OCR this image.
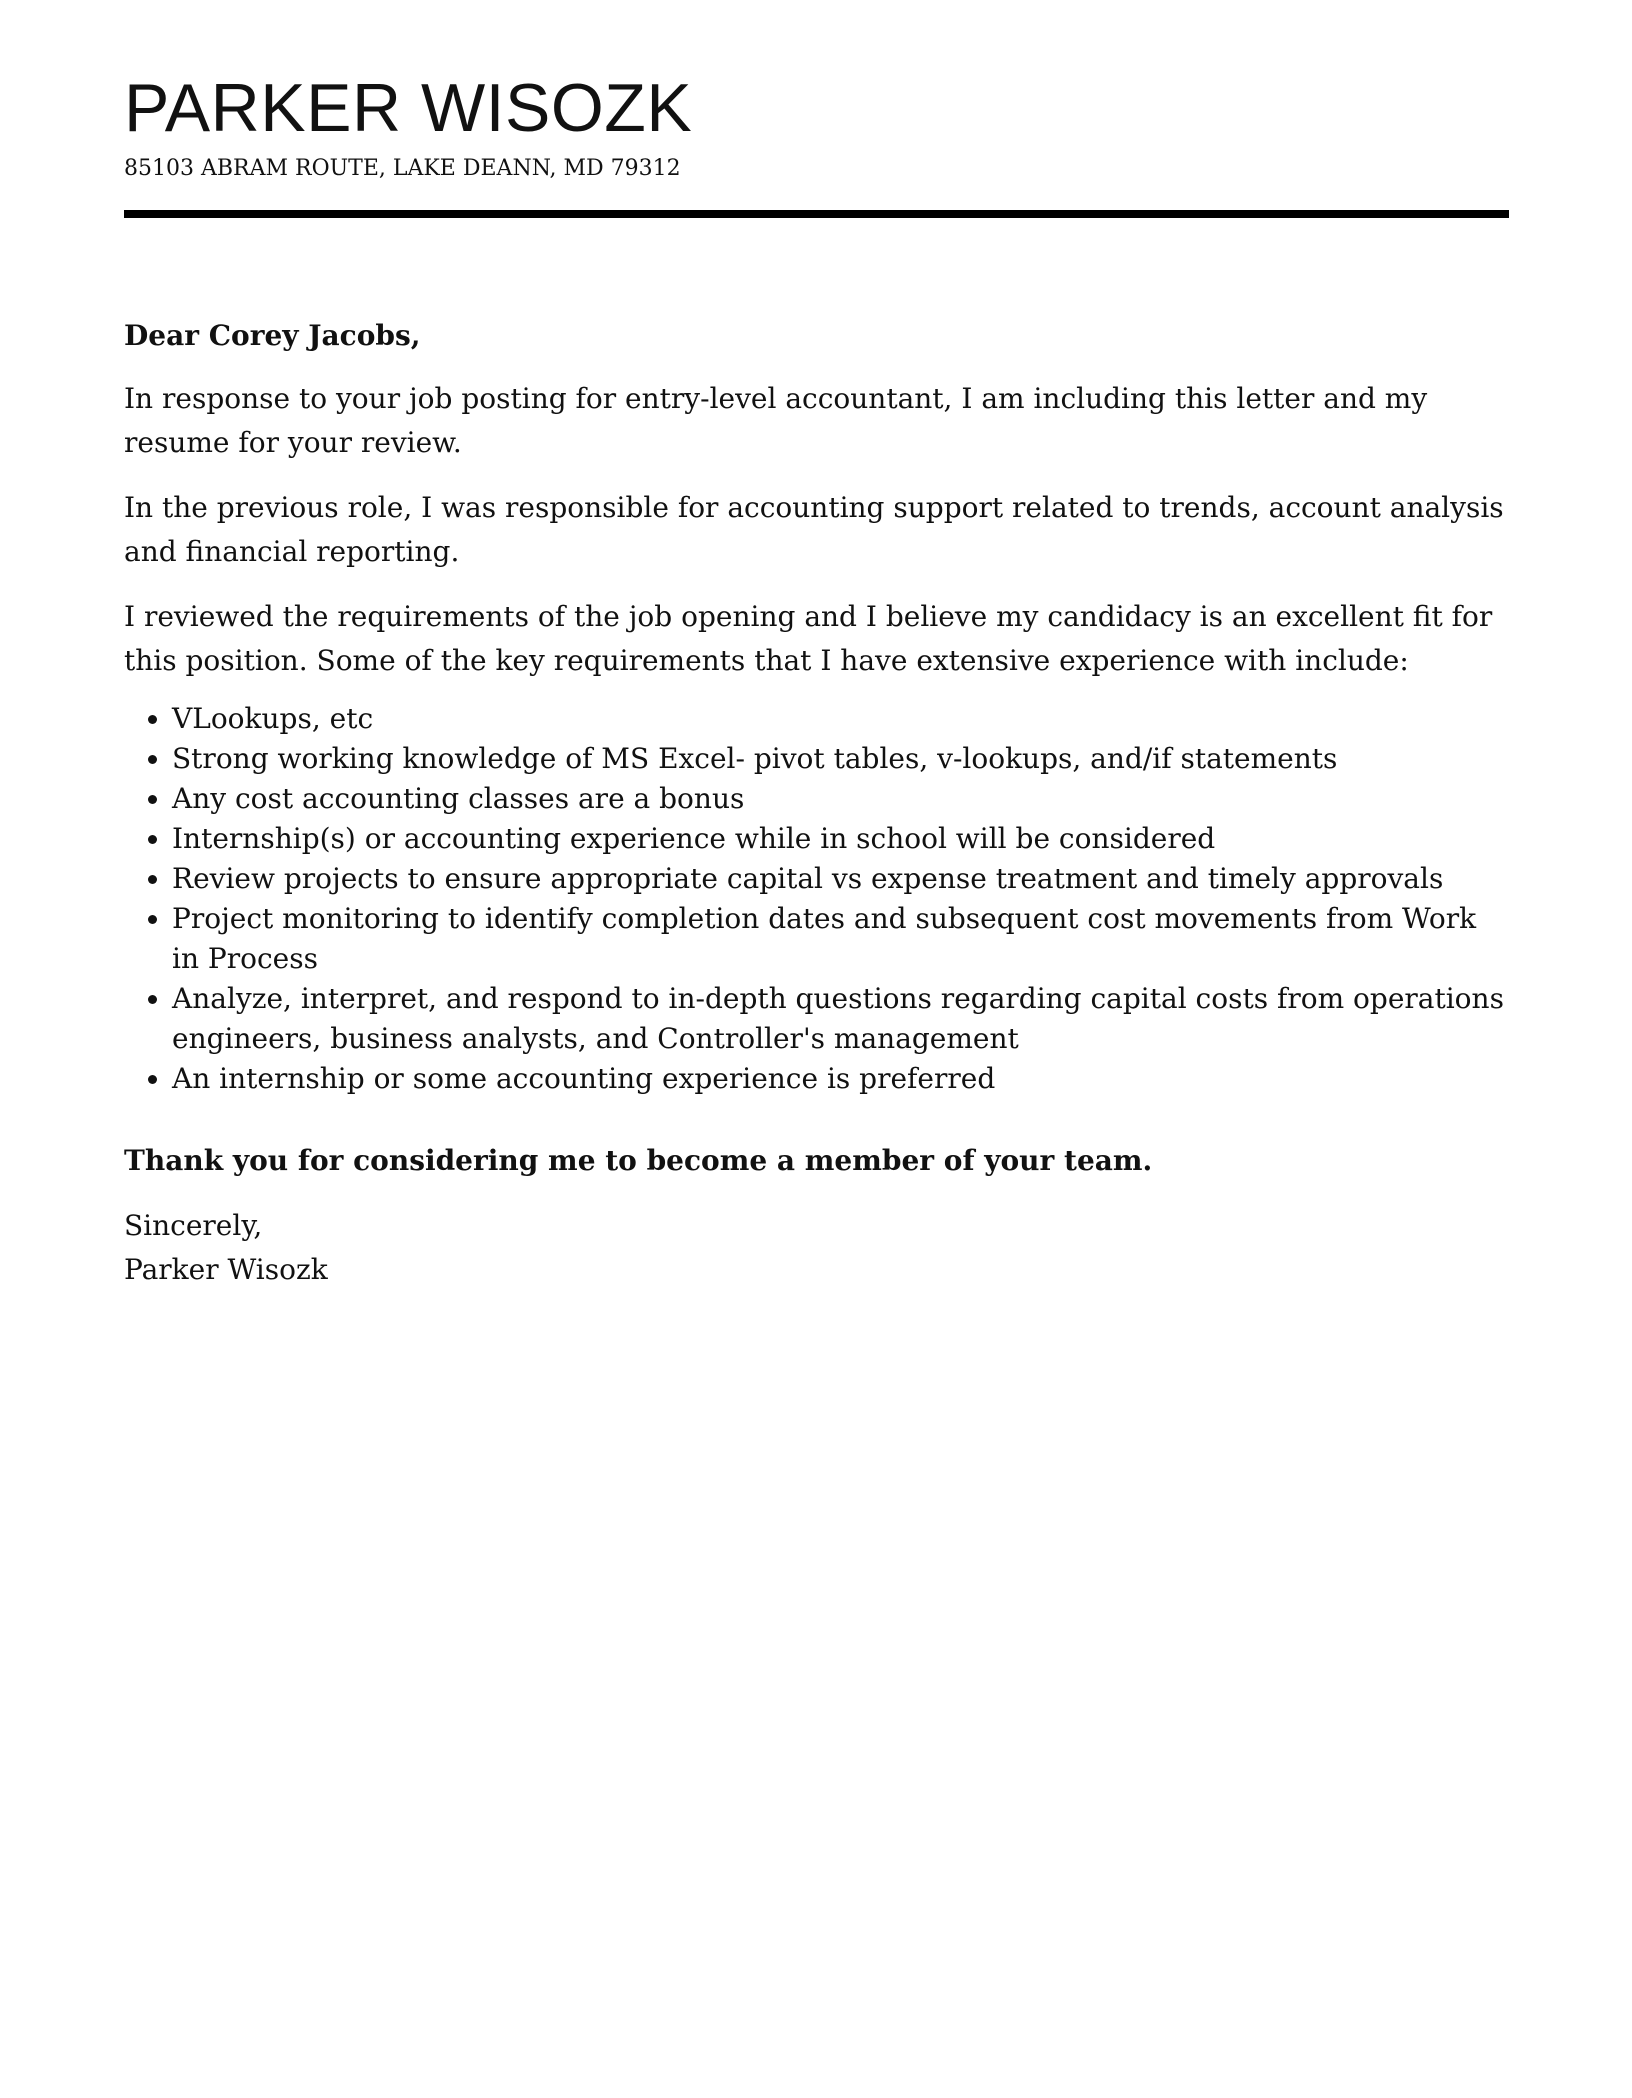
PARKER WISOZK
85103 ABRAM ROUTE, LAKE DEANN, MD 79312
Dear Corey Jacobs,

In response to your job posting for entry-level accountant, I am including this letter and my resume for your review.

In the previous role, I was responsible for accounting support related to trends, account analysis and financial reporting.

I reviewed the requirements of the job opening and I believe my candidacy is an excellent fit for this position. Some of the key requirements that I have extensive experience with include:

• VLookups, etc
• Strong working knowledge of MS Excel- pivot tables, v-lookups, and/if statements
• Any cost accounting classes are a bonus
• Internship(s) or accounting experience while in school will be considered
• Review projects to ensure appropriate capital vs expense treatment and timely approvals
• Project monitoring to identify completion dates and subsequent cost movements from Work in Process
• Analyze, interpret, and respond to in-depth questions regarding capital costs from operations engineers, business analysts, and Controller's management
• An internship or some accounting experience is preferred
Thank you for considering me to become a member of your team.
Sincerely,
Parker Wisozk
